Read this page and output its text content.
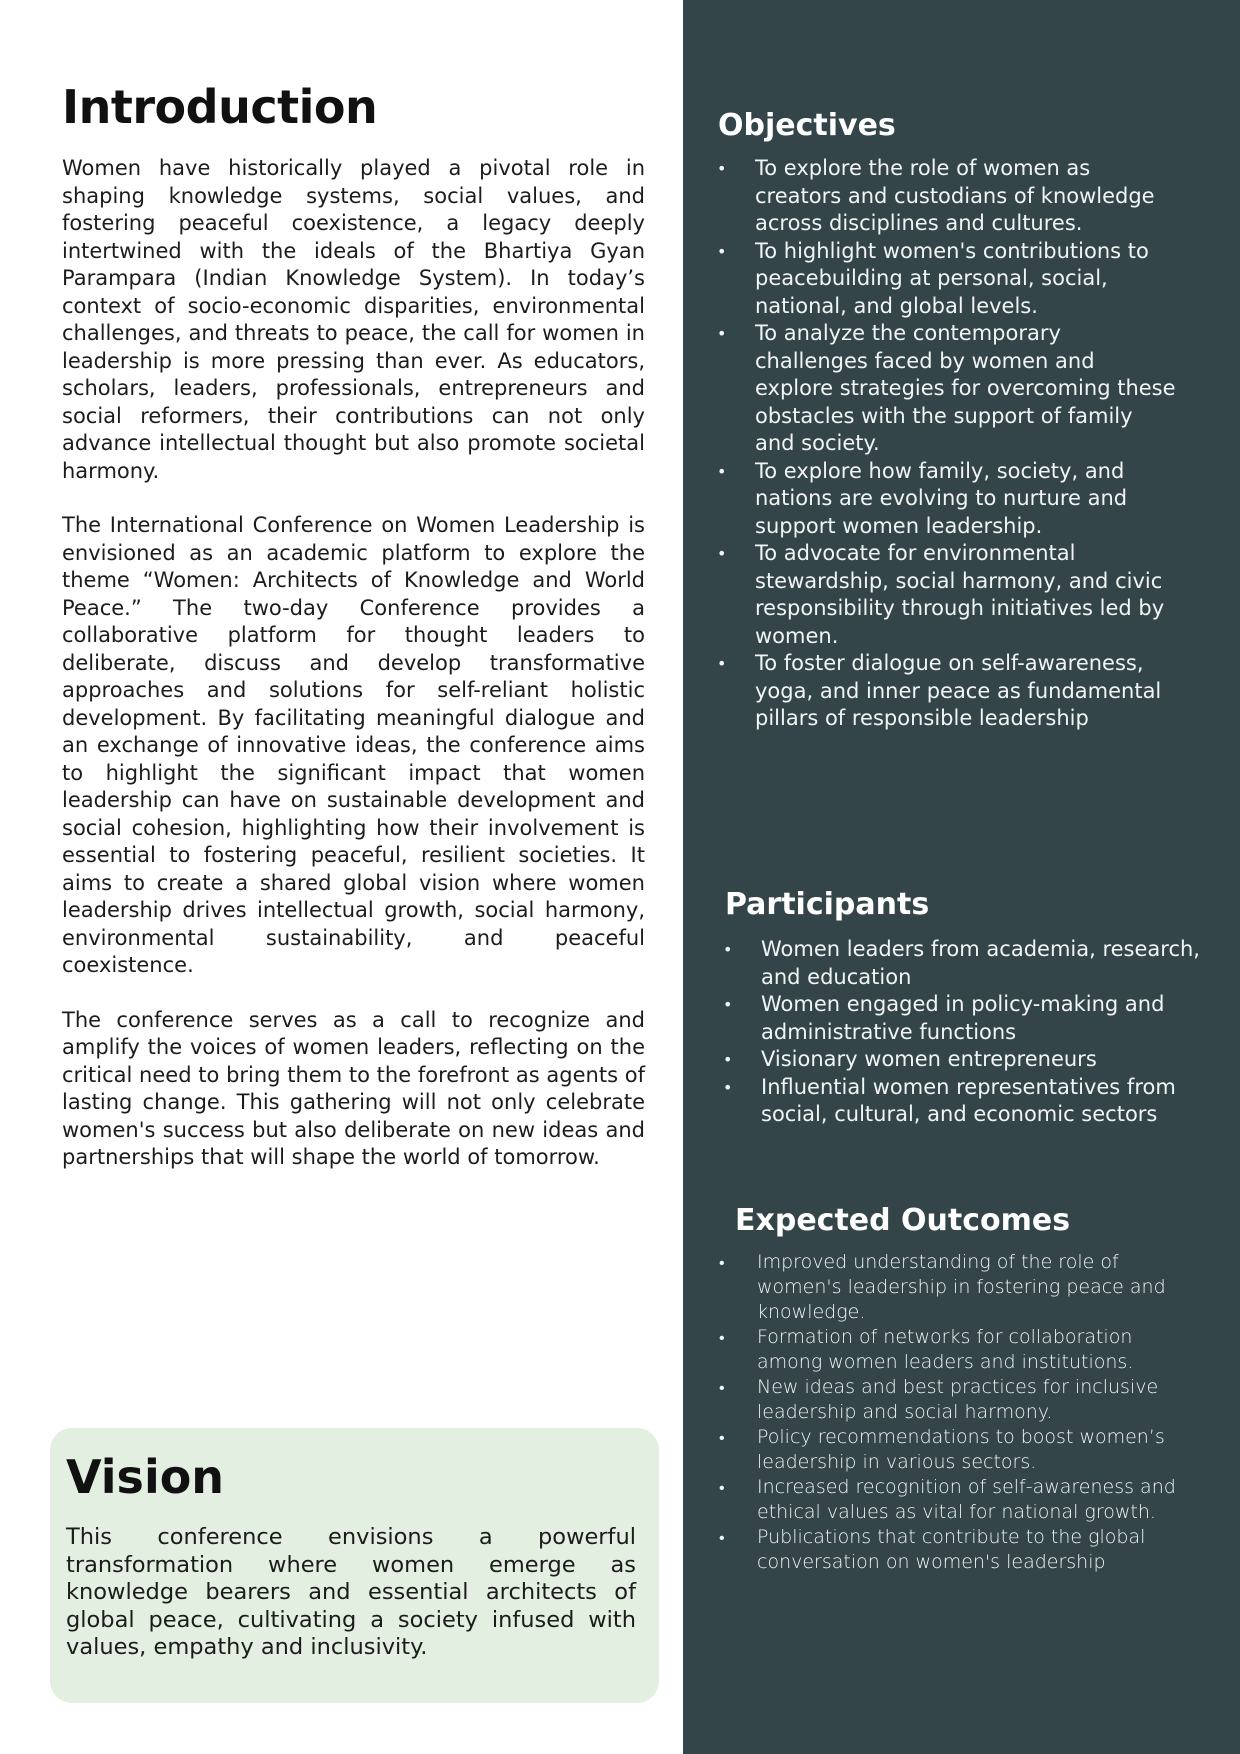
Introduction

Women have historically played a pivotal role in shaping knowledge systems, social values, and fostering peaceful coexistence, a legacy deeply intertwined with the ideals of the Bhartiya Gyan Parampara (Indian Knowledge System). In today’s context of socio-economic disparities, environmental challenges, and threats to peace, the call for women in leadership is more pressing than ever. As educators, scholars, leaders, professionals, entrepreneurs and social reformers, their contributions can not only advance intellectual thought but also promote societal harmony.

The International Conference on Women Leadership is envisioned as an academic platform to explore the theme “Women: Architects of Knowledge and World Peace.” The two-day Conference provides a collaborative platform for thought leaders to deliberate, discuss and develop transformative approaches and solutions for self-reliant holistic development. By facilitating meaningful dialogue and an exchange of innovative ideas, the conference aims to highlight the significant impact that women leadership can have on sustainable development and social cohesion, highlighting how their involvement is essential to fostering peaceful, resilient societies. It aims to create a shared global vision where women leadership drives intellectual growth, social harmony, environmental sustainability, and peaceful coexistence.

The conference serves as a call to recognize and amplify the voices of women leaders, reflecting on the critical need to bring them to the forefront as agents of lasting change. This gathering will not only celebrate women's success but also deliberate on new ideas and partnerships that will shape the world of tomorrow.

Vision

This conference envisions a powerful transformation where women emerge as knowledge bearers and essential architects of global peace, cultivating a society infused with values, empathy and inclusivity.

Objectives
• To explore the role of women as creators and custodians of knowledge across disciplines and cultures.
• To highlight women's contributions to peacebuilding at personal, social, national, and global levels.
• To analyze the contemporary challenges faced by women and explore strategies for overcoming these obstacles with the support of family and society.
• To explore how family, society, and nations are evolving to nurture and support women leadership.
• To advocate for environmental stewardship, social harmony, and civic responsibility through initiatives led by women.
• To foster dialogue on self-awareness, yoga, and inner peace as fundamental pillars of responsible leadership
Participants
• Women leaders from academia, research, and education
• Women engaged in policy-making and administrative functions
• Visionary women entrepreneurs
• Influential women representatives from social, cultural, and economic sectors
Expected Outcomes
• Improved understanding of the role of women's leadership in fostering peace and knowledge.
• Formation of networks for collaboration among women leaders and institutions.
• New ideas and best practices for inclusive leadership and social harmony.
• Policy recommendations to boost women’s leadership in various sectors.
• Increased recognition of self-awareness and ethical values as vital for national growth.
• Publications that contribute to the global conversation on women's leadership
